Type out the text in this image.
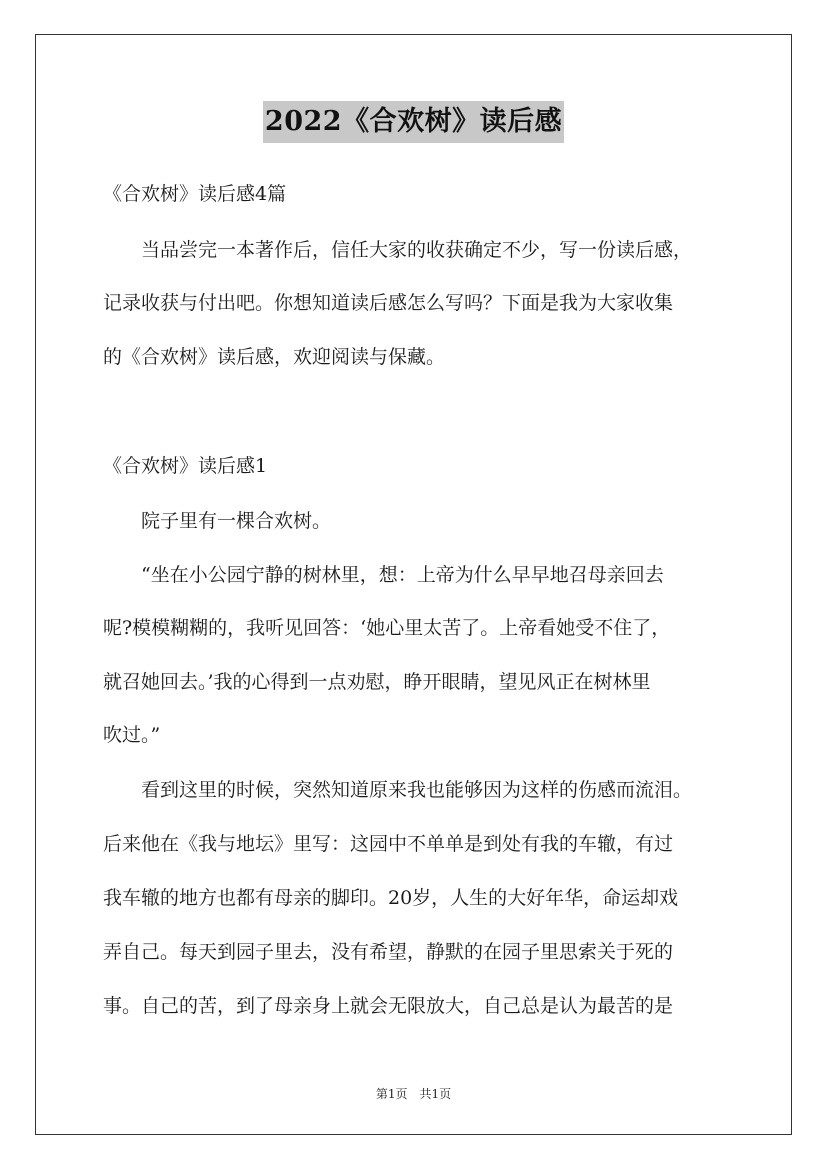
2022《合欢树》读后感
《合欢树》读后感4篇
　　当品尝完一本著作后，信任大家的收获确定不少，写一份读后感，
记录收获与付出吧。你想知道读后感怎么写吗？下面是我为大家收集
的《合欢树》读后感，欢迎阅读与保藏。
《合欢树》读后感1
　　院子里有一棵合欢树。
　　“坐在小公园宁静的树林里，想：上帝为什么早早地召母亲回去
呢?模模糊糊的，我听见回答：‘她心里太苦了。上帝看她受不住了，
就召她回去。’我的心得到一点劝慰，睁开眼睛，望见风正在树林里
吹过。”
　　看到这里的时候，突然知道原来我也能够因为这样的伤感而流泪。
后来他在《我与地坛》里写：这园中不单单是到处有我的车辙，有过
我车辙的地方也都有母亲的脚印。20岁，人生的大好年华，命运却戏
弄自己。每天到园子里去，没有希望，静默的在园子里思索关于死的
事。自己的苦，到了母亲身上就会无限放大，自己总是认为最苦的是
第1页　共1页
